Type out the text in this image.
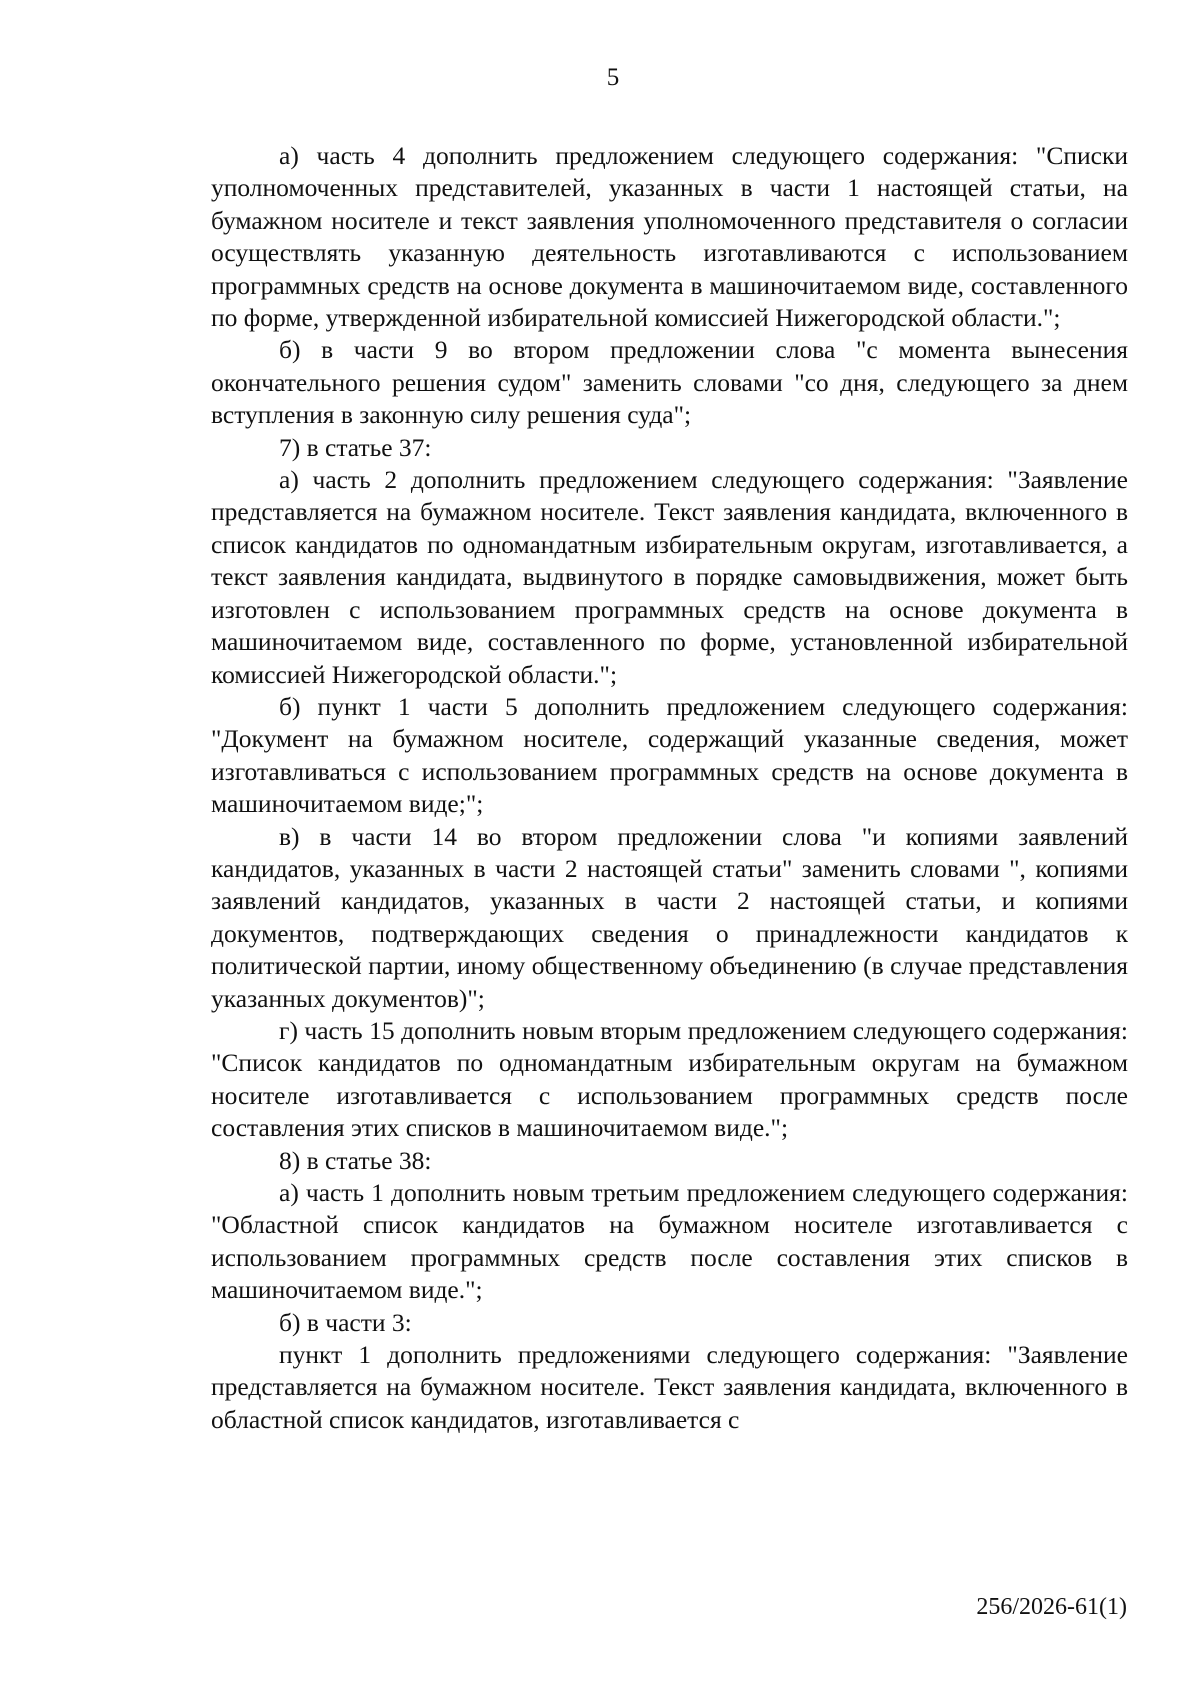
5

а) часть 4 дополнить предложением следующего содержания: "Списки уполномоченных представителей, указанных в части 1 настоящей статьи, на бумажном носителе и текст заявления уполномоченного представителя о согласии осуществлять указанную деятельность изготавливаются с использованием программных средств на основе документа в машиночитаемом виде, составленного по форме, утвержденной избирательной комиссией Нижегородской области.";

б) в части 9 во втором предложении слова "с момента вынесения окончательного решения судом" заменить словами "со дня, следующего за днем вступления в законную силу решения суда";

7) в статье 37:

а) часть 2 дополнить предложением следующего содержания: "Заявление представляется на бумажном носителе. Текст заявления кандидата, включенного в список кандидатов по одномандатным избирательным округам, изготавливается, а текст заявления кандидата, выдвинутого в порядке самовыдвижения, может быть изготовлен с использованием программных средств на основе документа в машиночитаемом виде, составленного по форме, установленной избирательной комиссией Нижегородской области.";

б) пункт 1 части 5 дополнить предложением следующего содержания: "Документ на бумажном носителе, содержащий указанные сведения, может изготавливаться с использованием программных средств на основе документа в машиночитаемом виде;";

в) в части 14 во втором предложении слова "и копиями заявлений кандидатов, указанных в части 2 настоящей статьи" заменить словами ", копиями заявлений кандидатов, указанных в части 2 настоящей статьи, и копиями документов, подтверждающих сведения о принадлежности кандидатов к политической партии, иному общественному объединению (в случае представления указанных документов)";

г) часть 15 дополнить новым вторым предложением следующего содержания: "Список кандидатов по одномандатным избирательным округам на бумажном носителе изготавливается с использованием программных средств после составления этих списков в машиночитаемом виде.";

8) в статье 38:

а) часть 1 дополнить новым третьим предложением следующего содержания: "Областной список кандидатов на бумажном носителе изготавливается с использованием программных средств после составления этих списков в машиночитаемом виде.";

б) в части 3:

пункт 1 дополнить предложениями следующего содержания: "Заявление представляется на бумажном носителе. Текст заявления кандидата, включенного в областной список кандидатов, изготавливается с

256/2026-61(1)
